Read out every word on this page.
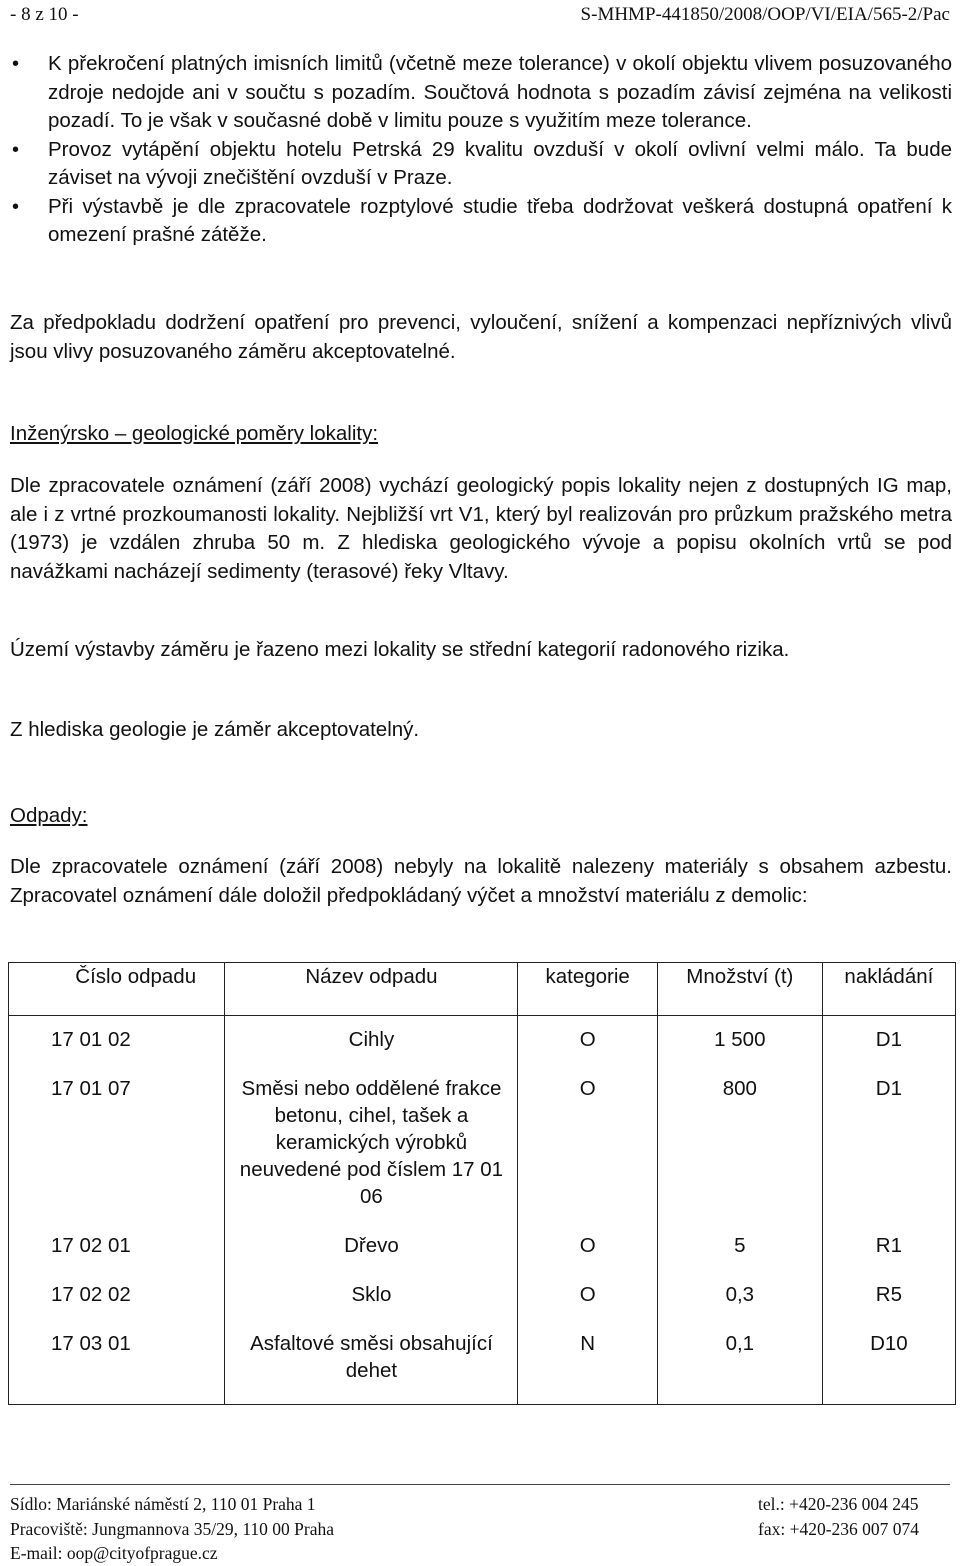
- 8 z 10 -	S-MHMP-441850/2008/OOP/VI/EIA/565-2/Pac
• K překročení platných imisních limitů (včetně meze tolerance) v okolí objektu vlivem posuzovaného zdroje nedojde ani v součtu s pozadím. Součtová hodnota s pozadím závisí zejména na velikosti pozadí. To je však v současné době v limitu pouze s využitím meze tolerance.
• Provoz vytápění objektu hotelu Petrská 29 kvalitu ovzduší v okolí ovlivní velmi málo. Ta bude záviset na vývoji znečištění ovzduší v Praze.
• Při výstavbě je dle zpracovatele rozptylové studie třeba dodržovat veškerá dostupná opatření k omezení prašné zátěže.

Za předpokladu dodržení opatření pro prevenci, vyloučení, snížení a kompenzaci nepříznivých vlivů jsou vlivy posuzovaného záměru akceptovatelné.

Inženýrsko – geologické poměry lokality:

Dle zpracovatele oznámení (září 2008) vychází geologický popis lokality nejen z dostupných IG map, ale i z vrtné prozkoumanosti lokality. Nejbližší vrt V1, který byl realizován pro průzkum pražského metra (1973) je vzdálen zhruba 50 m. Z hlediska geologického vývoje a popisu okolních vrtů se pod navážkami nacházejí sedimenty (terasové) řeky Vltavy.

Území výstavby záměru je řazeno mezi lokality se střední kategorií radonového rizika.

Z hlediska geologie je záměr akceptovatelný.

Odpady:

Dle zpracovatele oznámení (září 2008) nebyly na lokalitě nalezeny materiály s obsahem azbestu. Zpracovatel oznámení dále doložil předpokládaný výčet a množství materiálu z demolic:

Číslo odpadu	Název odpadu	kategorie	Množství (t)	nakládání
17 01 02	Cihly	O	1 500	D1
17 01 07	Směsi nebo oddělené frakce betonu, cihel, tašek a keramických výrobků neuvedené pod číslem 17 01 06	O	800	D1
17 02 01	Dřevo	O	5	R1
17 02 02	Sklo	O	0,3	R5
17 03 01	Asfaltové směsi obsahující dehet	N	0,1	D10
Sídlo: Mariánské náměstí 2, 110 01 Praha 1
Pracoviště: Jungmannova 35/29, 110 00 Praha
E-mail: oop@cityofprague.cz
tel.: +420-236 004 245
fax: +420-236 007 074
